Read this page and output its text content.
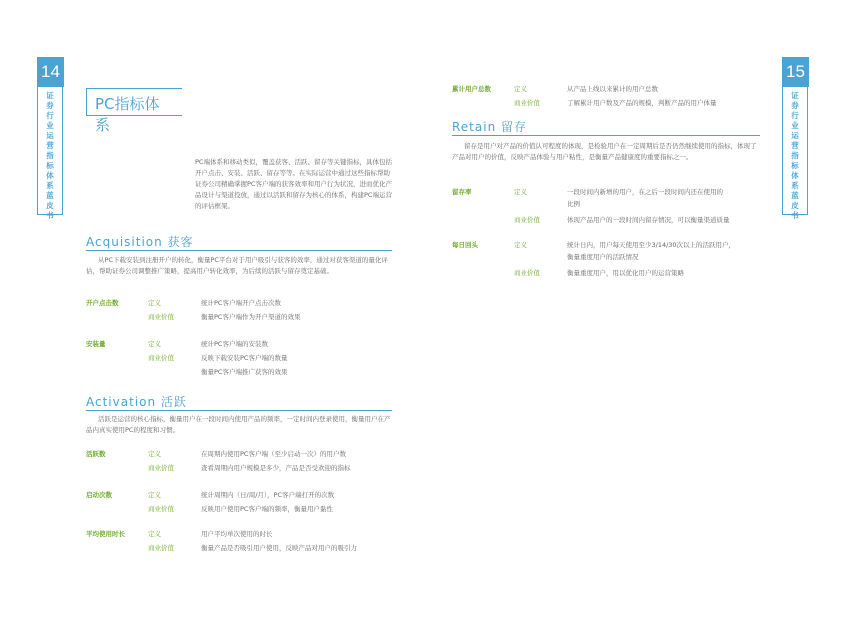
14
证券行业运营指标体系蓝皮书
PC指标体系
PC端体系和移动类似，覆盖获客、活跃、留存等关键指标，具体包括开户点击、安装、活跃、留存等等。在实际运营中通过这些指标帮助证券公司精确掌握PC客户端的获客效率和用户行为状况，进而优化产品设计与渠道投放，通过以活跃和留存为核心的体系，构建PC端运营的评估框架。
Acquisition 获客
从PC下载安装到注册开户的转化，衡量PC平台对于用户吸引与获客的效率，通过对获客渠道的量化评估，帮助证券公司调整推广策略，提高用户转化效率，为后续的活跃与留存奠定基础。
开户点击数	定义	统计PC客户端开户点击次数
商业价值	衡量PC客户端作为开户渠道的效果
安装量	定义	统计PC客户端的安装数
商业价值	反映下载安装PC客户端的数量
衡量PC客户端推广获客的效果
Activation 活跃
活跃是运营的核心指标，衡量用户在一段时间内使用产品的频率，一定时间内登录使用，衡量用户在产品内真实使用PC的程度和习惯。
活跃数	定义	在周期内使用PC客户端（至少启动一次）的用户数
商业价值	查看周期内用户规模是多少，产品是否受欢迎的指标
启动次数	定义	统计周期内（日/周/月），PC客户端打开的次数
商业价值	反映用户使用PC客户端的频率，衡量用户黏性
平均使用时长	定义	用户平均单次使用的时长
商业价值	衡量产品是否吸引用户使用，反映产品对用户的吸引力
15
证券行业运营指标体系蓝皮书
累计用户总数	定义	从产品上线以来累计的用户总数
商业价值	了解累计用户数及产品的规模，判断产品的用户体量
Retain 留存
留存是用户对产品的价值认可程度的体现，是检验用户在一定周期后是否仍然继续使用的指标，体现了产品对用户的价值，反映产品体验与用户粘性，是衡量产品健康度的重要指标之一。
留存率	定义	一段时间内新增的用户，在之后一段时间内还在使用的
比例
商业价值	体现产品用户的一段时间内留存情况，可以衡量渠道质量
每日回头	定义	统计日内，用户每天使用至少3/14/30次以上的活跃用户，
衡量重度用户的活跃情况
商业价值	衡量重度用户，用以优化用户的运营策略
